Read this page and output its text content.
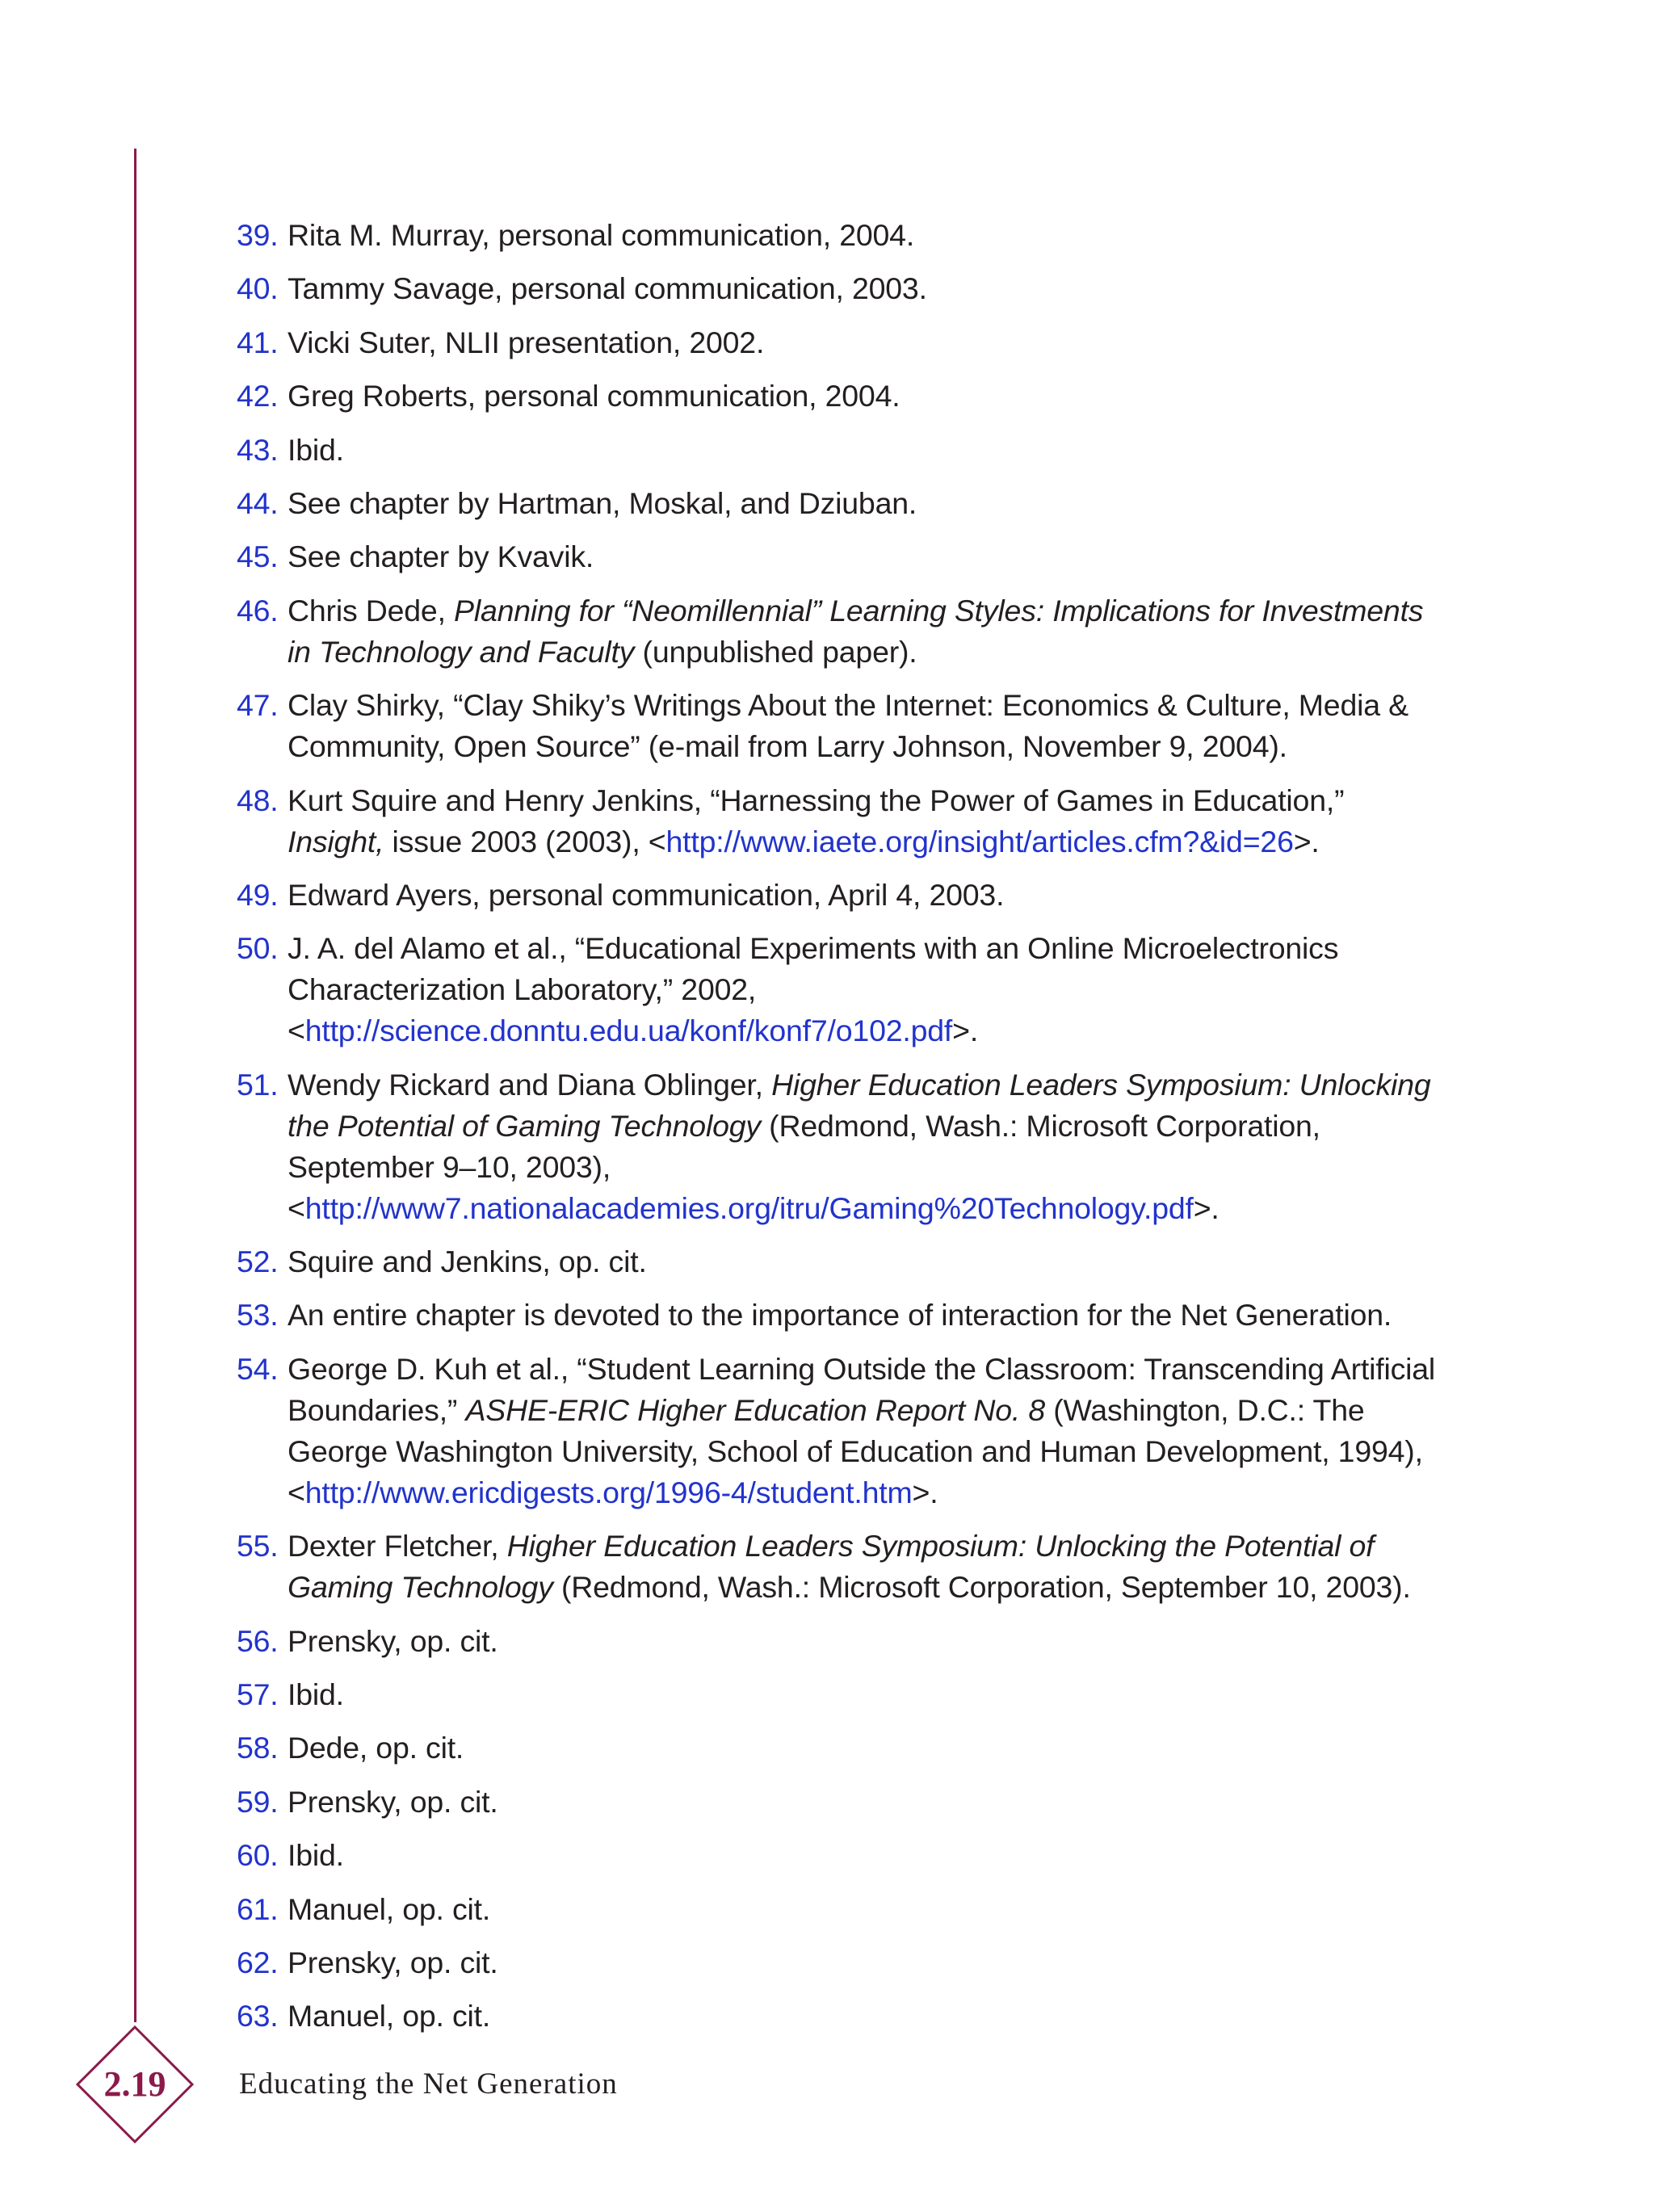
39. Rita M. Murray, personal communication, 2004.
40. Tammy Savage, personal communication, 2003.
41. Vicki Suter, NLII presentation, 2002.
42. Greg Roberts, personal communication, 2004.
43. Ibid.
44. See chapter by Hartman, Moskal, and Dziuban.
45. See chapter by Kvavik.
46. Chris Dede, Planning for “Neomillennial” Learning Styles: Implications for Investments in Technology and Faculty (unpublished paper).
47. Clay Shirky, “Clay Shiky’s Writings About the Internet: Economics & Culture, Media & Community, Open Source” (e-mail from Larry Johnson, November 9, 2004).
48. Kurt Squire and Henry Jenkins, “Harnessing the Power of Games in Education,” Insight, issue 2003 (2003), <http://www.iaete.org/insight/articles.cfm?&id=26>.
49. Edward Ayers, personal communication, April 4, 2003.
50. J. A. del Alamo et al., “Educational Experiments with an Online Microelectronics Characterization Laboratory,” 2002, <http://science.donntu.edu.ua/konf/konf7/o102.pdf>.
51. Wendy Rickard and Diana Oblinger, Higher Education Leaders Symposium: Unlocking the Potential of Gaming Technology (Redmond, Wash.: Microsoft Corporation, September 9–10, 2003), <http://www7.nationalacademies.org/itru/Gaming%20Technology.pdf>.
52. Squire and Jenkins, op. cit.
53. An entire chapter is devoted to the importance of interaction for the Net Generation.
54. George D. Kuh et al., “Student Learning Outside the Classroom: Transcending Artificial Boundaries,” ASHE-ERIC Higher Education Report No. 8 (Washington, D.C.: The George Washington University, School of Education and Human Development, 1994), <http://www.ericdigests.org/1996-4/student.htm>.
55. Dexter Fletcher, Higher Education Leaders Symposium: Unlocking the Potential of Gaming Technology (Redmond, Wash.: Microsoft Corporation, September 10, 2003).
56. Prensky, op. cit.
57. Ibid.
58. Dede, op. cit.
59. Prensky, op. cit.
60. Ibid.
61. Manuel, op. cit.
62. Prensky, op. cit.
63. Manuel, op. cit.
2.19	Educating the Net Generation
